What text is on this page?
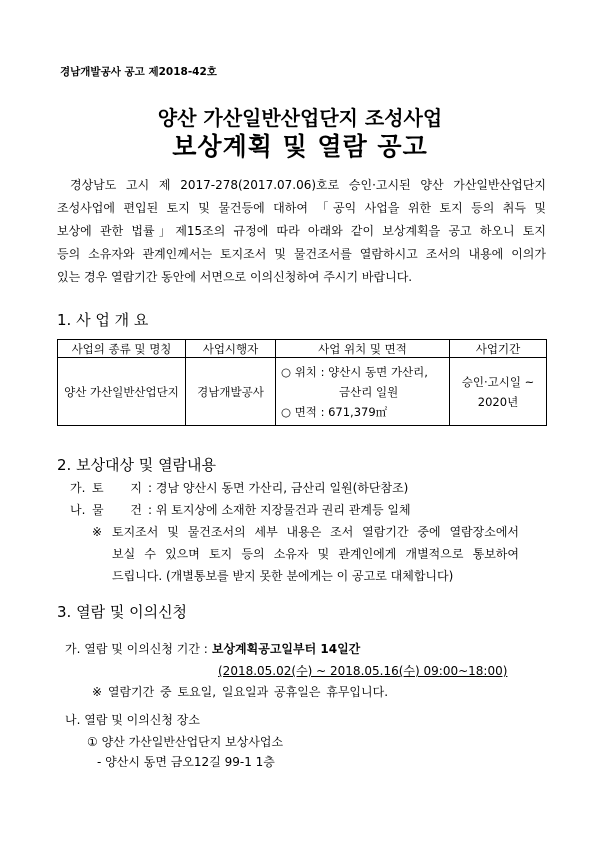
경남개발공사 공고 제2018-42호
양산 가산일반산업단지 조성사업
보상계획 및 열람 공고
경상남도 고시 제 2017-278(2017.07.06)호로 승인·고시된 양산 가산일반산업단지
조성사업에 편입된 토지 및 물건등에 대하여 「공익 사업을 위한 토지 등의 취득 및
보상에 관한 법률」제15조의 규정에 따라 아래와 같이 보상계획을 공고 하오니 토지
등의 소유자와 관계인께서는 토지조서 및 물건조서를 열람하시고 조서의 내용에 이의가
있는 경우 열람기간 동안에 서면으로 이의신청하여 주시기 바랍니다.
1. 사 업 개 요
사업의 종류 및 명칭	사업시행자	사업 위치 및 면적	사업기간
양산 가산일반산업단지	경남개발공사	○ 위치 : 양산시 동면 가산리,
금산리 일원
○ 면적 : 671,379㎡	승인·고시일 ~
2020년
2. 보상대상 및 열람내용
가. 토 지 : 경남 양산시 동면 가산리, 금산리 일원(하단참조)
나. 물 건 : 위 토지상에 소재한 지장물건과 권리 관계등 일체
※ 토지조서 및 물건조서의 세부 내용은 조서 열람기간 중에 열람장소에서
보실 수 있으며 토지 등의 소유자 및 관계인에게 개별적으로 통보하여
드립니다. (개별통보를 받지 못한 분에게는 이 공고로 대체합니다)
3. 열람 및 이의신청
가. 열람 및 이의신청 기간 : 보상계획공고일부터 14일간
(2018.05.02(수) ~ 2018.05.16(수) 09:00~18:00)
※ 열람기간 중 토요일, 일요일과 공휴일은 휴무입니다.
나. 열람 및 이의신청 장소
① 양산 가산일반산업단지 보상사업소
- 양산시 동면 금오12길 99-1 1층
